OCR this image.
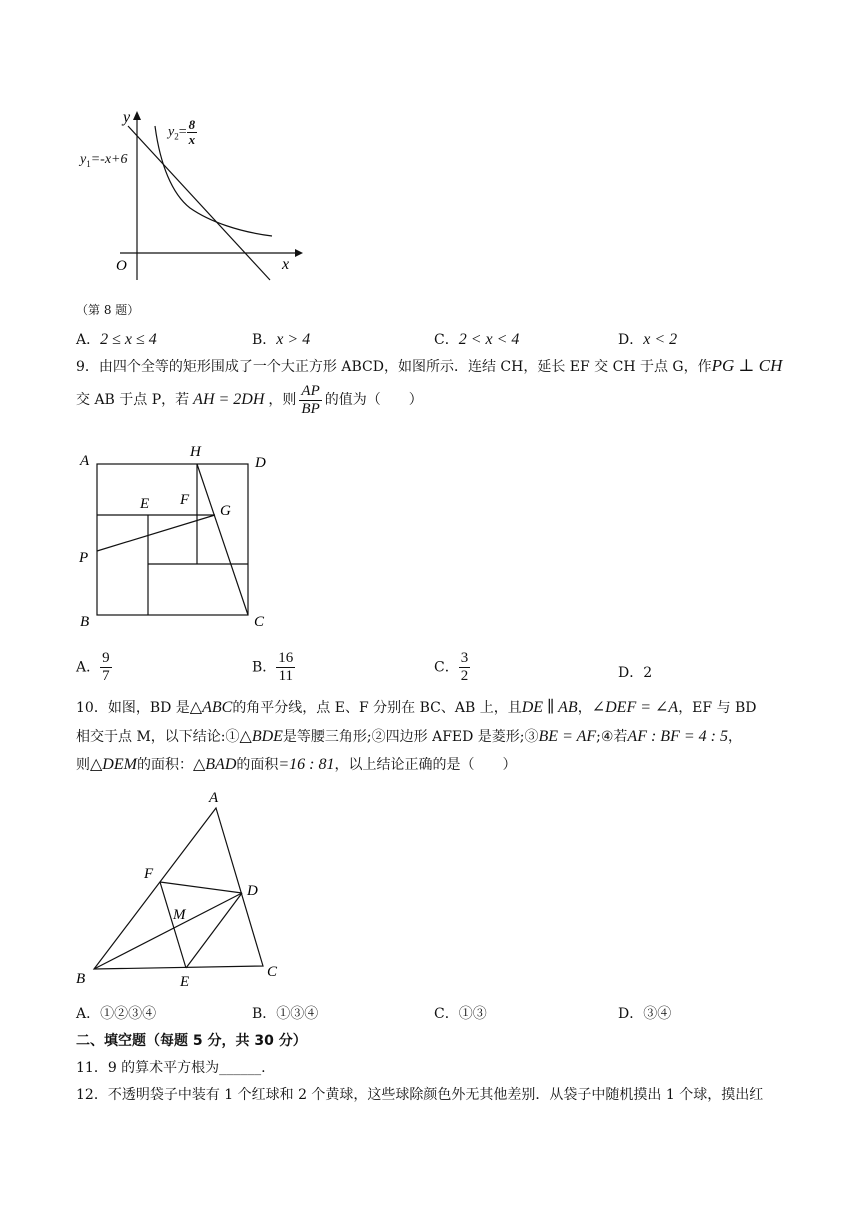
y
x
O
$y_1=-x+6$
$y_2= \frac{8}{x}$
（第 8 题）
A．2 ≤ x ≤ 4	B．x > 4	C．2 < x < 4	D．x < 2
9．由四个全等的矩形围成了一个大正方形 ABCD，如图所示．连结 CH，延长 EF 交 CH 于点 G，作PG ⊥ CH
交 AB 于点 P，若 AH = 2DH ，则 $\frac{AP}{BP}$ 的值为（　　）
A
H
D
E F
G
P
B	C
A． $\frac{9}{7}$	B． $\frac{16}{11}$	C． $\frac{3}{2}$	D．2
10．如图，BD 是△ABC的角平分线，点 E、F 分别在 BC、AB 上，且DE ∥ AB，∠DEF = ∠A，EF 与 BD
相交于点 M，以下结论:①△BDE是等腰三角形;②四边形 AFED 是菱形;③BE = AF;④若AF : BF = 4 : 5，
则△DEM的面积：△BAD的面积=16 : 81，以上结论正确的是（　　）
A
F
D
M
B	E
C
A．①②③④	B．①③④	C．①③	D．③④
二、填空题（每题 5 分，共 30 分）
11．9 的算术平方根为______.
12．不透明袋子中装有 1 个红球和 2 个黄球，这些球除颜色外无其他差别．从袋子中随机摸出 1 个球，摸出红
